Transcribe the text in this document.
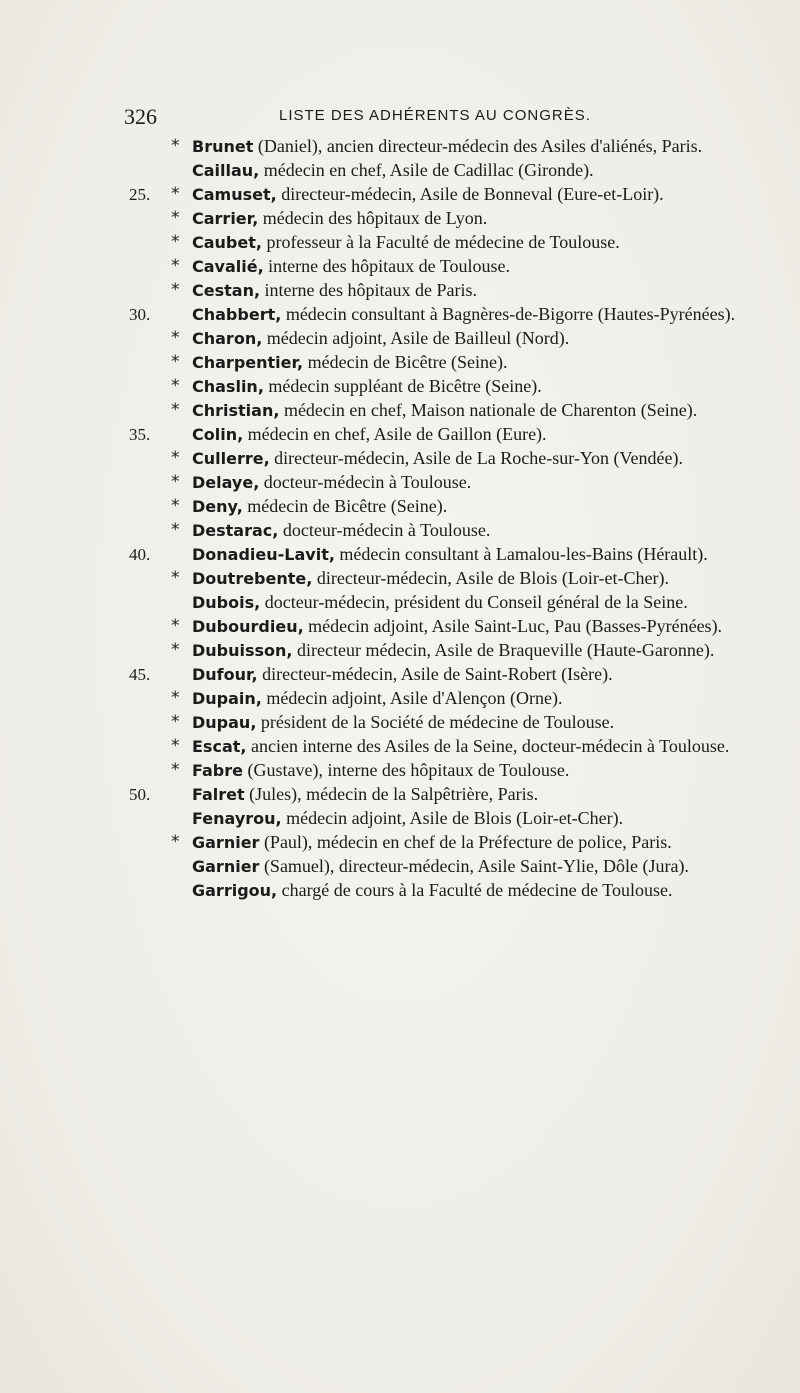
326	LISTE DES ADHÉRENTS AU CONGRÈS.
* Brunet (Daniel), ancien directeur-médecin des Asiles d'aliénés, Paris.
Caillau, médecin en chef, Asile de Cadillac (Gironde).
25.	* Camuset, directeur-médecin, Asile de Bonneval (Eure-et-Loir).
* Carrier, médecin des hôpitaux de Lyon.
* Caubet, professeur à la Faculté de médecine de Toulouse.
* Cavalié, interne des hôpitaux de Toulouse.
* Cestan, interne des hôpitaux de Paris.
30.	Chabbert, médecin consultant à Bagnères-de-Bigorre (Hautes-Pyrénées).
* Charon, médecin adjoint, Asile de Bailleul (Nord).
* Charpentier, médecin de Bicêtre (Seine).
* Chaslin, médecin suppléant de Bicêtre (Seine).
* Christian, médecin en chef, Maison nationale de Charenton (Seine).
35.	Colin, médecin en chef, Asile de Gaillon (Eure).
* Cullerre, directeur-médecin, Asile de La Roche-sur-Yon (Vendée).
* Delaye, docteur-médecin à Toulouse.
* Deny, médecin de Bicêtre (Seine).
* Destarac, docteur-médecin à Toulouse.
40.	Donadieu-Lavit, médecin consultant à Lamalou-les-Bains (Hérault).
* Doutrebente, directeur-médecin, Asile de Blois (Loir-et-Cher).
Dubois, docteur-médecin, président du Conseil général de la Seine.
* Dubourdieu, médecin adjoint, Asile Saint-Luc, Pau (Basses-Pyrénées).
* Dubuisson, directeur médecin, Asile de Braqueville (Haute-Garonne).
45.	Dufour, directeur-médecin, Asile de Saint-Robert (Isère).
* Dupain, médecin adjoint, Asile d'Alençon (Orne).
* Dupau, président de la Société de médecine de Toulouse.
* Escat, ancien interne des Asiles de la Seine, docteur-médecin à Toulouse.
* Fabre (Gustave), interne des hôpitaux de Toulouse.
50.	Falret (Jules), médecin de la Salpêtrière, Paris.
Fenayrou, médecin adjoint, Asile de Blois (Loir-et-Cher).
* Garnier (Paul), médecin en chef de la Préfecture de police, Paris.
Garnier (Samuel), directeur-médecin, Asile Saint-Ylie, Dôle (Jura).
Garrigou, chargé de cours à la Faculté de médecine de Toulouse.
